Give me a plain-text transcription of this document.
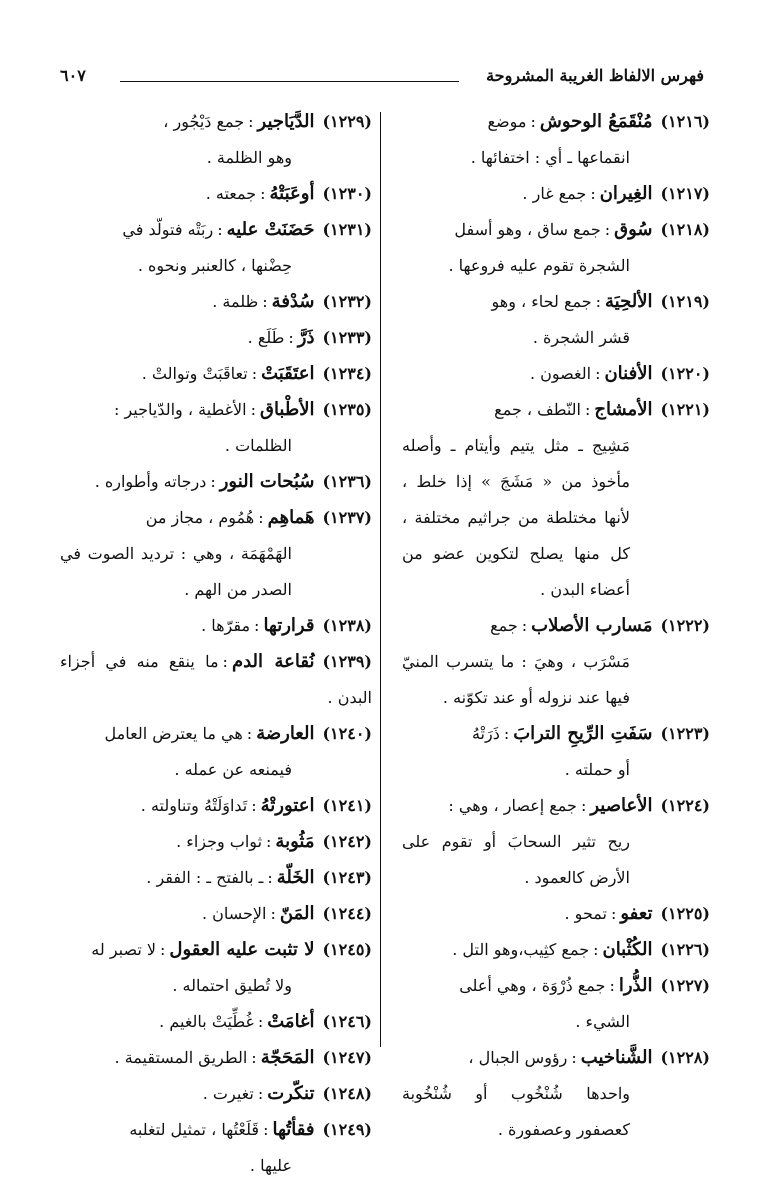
فهرس الالفاظ الغريبة المشروحة
٦٠٧

(١٢١٦)مُنْقَمَعُ الوحوش:موضع
انقماعها ـ أي : اختفائها .

(١٢١٧)الغِيران:جمع غار .

(١٢١٨)سُوق:جمع ساق ، وهو أسفل
الشجرة تقوم عليه فروعها .

(١٢١٩)الألحِيَة:جمع لحاء ، وهو
قشر الشجرة .

(١٢٢٠)الأفنان:الغصون .

(١٢٢١)الأمشاج:النّطف ، جمع
مَشِيج ـ مثل يتيم وأيتام ـ وأصله مأخوذ من « مَشَجَ » إذا خلط ، لأنها مختلطة من جراثيم مختلفة ، كل منها يصلح لتكوين عضو من أعضاء البدن .

(١٢٢٢)مَسارب الأصلاب:جمع
مَسْرَب ، وهيَ : ما يتسرب المنيّ فيها عند نزوله أو عند تكوّنه .

(١٢٢٣)سَفَتِ الرِّيحِ الترابَ:ذَرَتْهُ
أو حملته .

(١٢٢٤)الأعاصير:جمع إعصار ، وهي :
ريح تثير السحابَ أو تقوم على الأرض كالعمود .

(١٢٢٥)تعفو:تمحو .

(١٢٢٦)الكُثْبان:جمع كثِيب،وهو التل .

(١٢٢٧)الذُّرا:جمع ذُرْوَة ، وهي أعلى
الشيء .

(١٢٢٨)الشَّناخيب:رؤوس الجبال ،
واحدها شُنْخُوب أو شُنْخُوبة كعصفور وعصفورة .

(١٢٢٩)الدَّيَاجير:جمع دَيْجُور ،
وهو الظلمة .

(١٢٣٠)أوعَبَتْهُ:جمعته .

(١٢٣١)حَضَنَتْ عليه:ربَتْه فتولّد في
حِضْنها ، كالعنبر ونحوه .

(١٢٣٢)سُدْفة:ظلمة .

(١٢٣٣)ذَرَّ:طَلَع .

(١٢٣٤)اعتَقَبَتْ:تعاقَبَتْ وتوالتْ .

(١٢٣٥)الأطْباق:الأغطية ، والدّياجير :
الظلمات .

(١٢٣٦)سُبُحات النور:درجاته وأطواره .

(١٢٣٧)هَماهِم:هُمُوم ، مجاز من
الهَمْهَمَة ، وهي : ترديد الصوت في الصدر من الهم .

(١٢٣٨)قرارتها:مقرّها .

(١٢٣٩)نُقاعة الدم:ما ينقع منه في أجزاء البدن .

(١٢٤٠)العارضة:هي ما يعترض العامل
فيمنعه عن عمله .

(١٢٤١)اعتورتْهُ:تَداوَلَتْهُ وتناولته .

(١٢٤٢)مَثُوبة:ثواب وجزاء .

(١٢٤٣)الخَلّة:ـ بالفتح ـ : الفقر .

(١٢٤٤)المَنّ:الإحسان .

(١٢٤٥)لا تثبت عليه العقول:لا تصبر له
ولا تُطيق احتماله .

(١٢٤٦)أغامَتْ:غُطِّيَتْ بالغيم .

(١٢٤٧)المَحَجّة:الطريق المستقيمة .

(١٢٤٨)تنكّرت:تغيرت .

(١٢٤٩)فقأتُها:قَلَعْتُها ، تمثيل لتغلبه
عليها .
